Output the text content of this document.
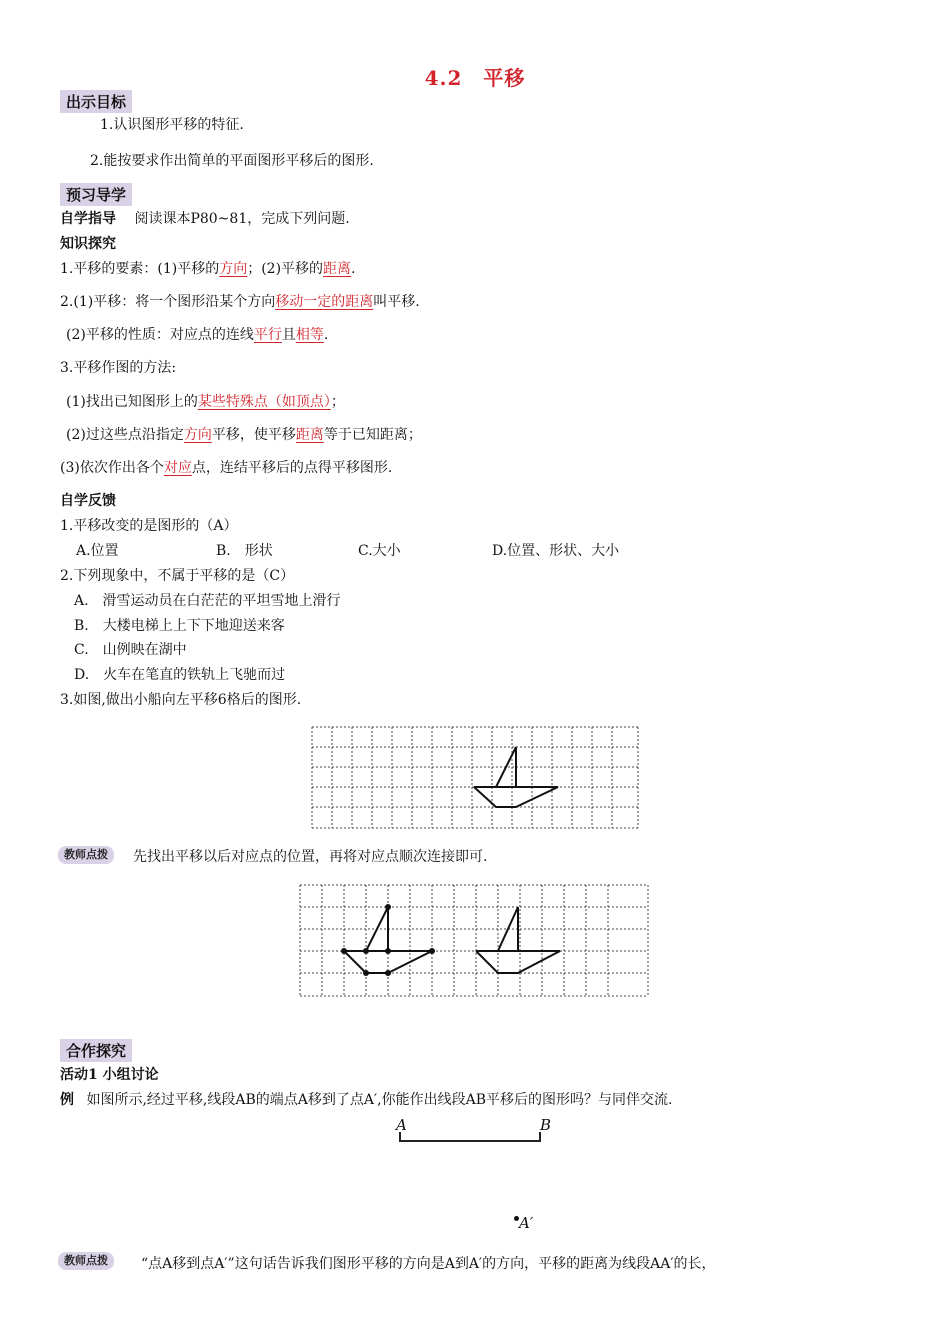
4.2　平移
出示目标
1.认识图形平移的特征.
2.能按要求作出简单的平面图形平移后的图形.
预习导学
自学指导 阅读课本P80~81，完成下列问题.
知识探究
1.平移的要素：(1)平移的方向；(2)平移的距离.
2.(1)平移：将一个图形沿某个方向移动一定的距离叫平移.
(2)平移的性质：对应点的连线平行且相等.
3.平移作图的方法:
(1)找出已知图形上的某些特殊点（如顶点）；
(2)过这些点沿指定方向平移，使平移距离等于已知距离；
(3)依次作出各个对应点，连结平移后的点得平移图形.
自学反馈
1.平移改变的是图形的（A）
A.位置	B.　形状	C.大小	D.位置、形状、大小
2.下列现象中，不属于平移的是（C）
A.　滑雪运动员在白茫茫的平坦雪地上滑行
B.　大楼电梯上上下下地迎送来客
C.　山例映在湖中
D.　火车在笔直的铁轨上飞驰而过
3.如图,做出小船向左平移6格后的图形.
教师点拨	先找出平移以后对应点的位置，再将对应点顺次连接即可.
合作探究
活动1 小组讨论
例 如图所示,经过平移,线段AB的端点A移到了点A′,你能作出线段AB平移后的图形吗？与同伴交流.
A	B
A′
教师点拨	“点A移到点A′”这句话告诉我们图形平移的方向是A到A′的方向，平移的距离为线段AA′的长，
